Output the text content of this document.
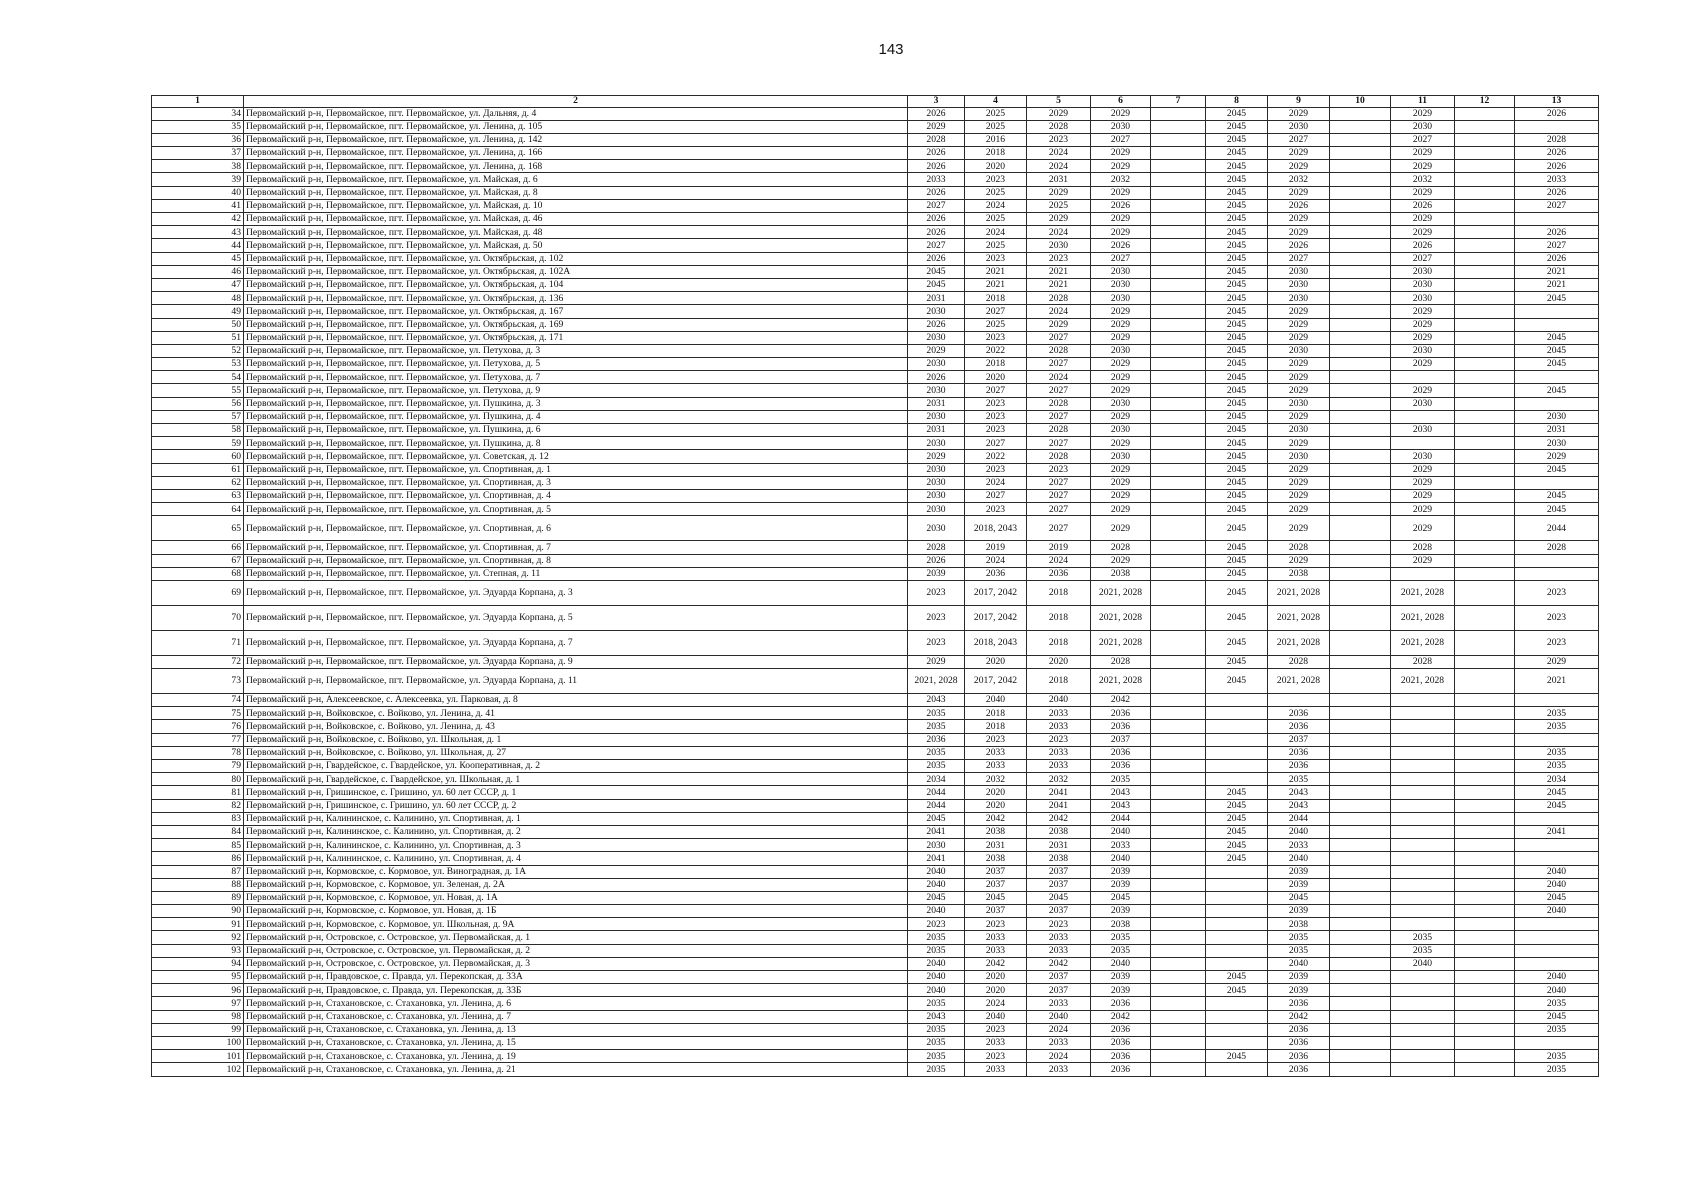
143
1	2	3	4	5	6	7	8	9	10	11	12	13
34	Первомайский р-н, Первомайское, пгт. Первомайское, ул. Дальняя, д. 4	2026	2025	2029	2029		2045	2029		2029		2026
35	Первомайский р-н, Первомайское, пгт. Первомайское, ул. Ленина, д. 105	2029	2025	2028	2030		2045	2030		2030		
36	Первомайский р-н, Первомайское, пгт. Первомайское, ул. Ленина, д. 142	2028	2016	2023	2027		2045	2027		2027		2028
37	Первомайский р-н, Первомайское, пгт. Первомайское, ул. Ленина, д. 166	2026	2018	2024	2029		2045	2029		2029		2026
38	Первомайский р-н, Первомайское, пгт. Первомайское, ул. Ленина, д. 168	2026	2020	2024	2029		2045	2029		2029		2026
39	Первомайский р-н, Первомайское, пгт. Первомайское, ул. Майская, д. 6	2033	2023	2031	2032		2045	2032		2032		2033
40	Первомайский р-н, Первомайское, пгт. Первомайское, ул. Майская, д. 8	2026	2025	2029	2029		2045	2029		2029		2026
41	Первомайский р-н, Первомайское, пгт. Первомайское, ул. Майская, д. 10	2027	2024	2025	2026		2045	2026		2026		2027
42	Первомайский р-н, Первомайское, пгт. Первомайское, ул. Майская, д. 46	2026	2025	2029	2029		2045	2029		2029		
43	Первомайский р-н, Первомайское, пгт. Первомайское, ул. Майская, д. 48	2026	2024	2024	2029		2045	2029		2029		2026
44	Первомайский р-н, Первомайское, пгт. Первомайское, ул. Майская, д. 50	2027	2025	2030	2026		2045	2026		2026		2027
45	Первомайский р-н, Первомайское, пгт. Первомайское, ул. Октябрьская, д. 102	2026	2023	2023	2027		2045	2027		2027		2026
46	Первомайский р-н, Первомайское, пгт. Первомайское, ул. Октябрьская, д. 102А	2045	2021	2021	2030		2045	2030		2030		2021
47	Первомайский р-н, Первомайское, пгт. Первомайское, ул. Октябрьская, д. 104	2045	2021	2021	2030		2045	2030		2030		2021
48	Первомайский р-н, Первомайское, пгт. Первомайское, ул. Октябрьская, д. 136	2031	2018	2028	2030		2045	2030		2030		2045
49	Первомайский р-н, Первомайское, пгт. Первомайское, ул. Октябрьская, д. 167	2030	2027	2024	2029		2045	2029		2029		
50	Первомайский р-н, Первомайское, пгт. Первомайское, ул. Октябрьская, д. 169	2026	2025	2029	2029		2045	2029		2029		
51	Первомайский р-н, Первомайское, пгт. Первомайское, ул. Октябрьская, д. 171	2030	2023	2027	2029		2045	2029		2029		2045
52	Первомайский р-н, Первомайское, пгт. Первомайское, ул. Петухова, д. 3	2029	2022	2028	2030		2045	2030		2030		2045
53	Первомайский р-н, Первомайское, пгт. Первомайское, ул. Петухова, д. 5	2030	2018	2027	2029		2045	2029		2029		2045
54	Первомайский р-н, Первомайское, пгт. Первомайское, ул. Петухова, д. 7	2026	2020	2024	2029		2045	2029				
55	Первомайский р-н, Первомайское, пгт. Первомайское, ул. Петухова, д. 9	2030	2027	2027	2029		2045	2029		2029		2045
56	Первомайский р-н, Первомайское, пгт. Первомайское, ул. Пушкина, д. 3	2031	2023	2028	2030		2045	2030		2030		
57	Первомайский р-н, Первомайское, пгт. Первомайское, ул. Пушкина, д. 4	2030	2023	2027	2029		2045	2029				2030
58	Первомайский р-н, Первомайское, пгт. Первомайское, ул. Пушкина, д. 6	2031	2023	2028	2030		2045	2030		2030		2031
59	Первомайский р-н, Первомайское, пгт. Первомайское, ул. Пушкина, д. 8	2030	2027	2027	2029		2045	2029				2030
60	Первомайский р-н, Первомайское, пгт. Первомайское, ул. Советская, д. 12	2029	2022	2028	2030		2045	2030		2030		2029
61	Первомайский р-н, Первомайское, пгт. Первомайское, ул. Спортивная, д. 1	2030	2023	2023	2029		2045	2029		2029		2045
62	Первомайский р-н, Первомайское, пгт. Первомайское, ул. Спортивная, д. 3	2030	2024	2027	2029		2045	2029		2029		
63	Первомайский р-н, Первомайское, пгт. Первомайское, ул. Спортивная, д. 4	2030	2027	2027	2029		2045	2029		2029		2045
64	Первомайский р-н, Первомайское, пгт. Первомайское, ул. Спортивная, д. 5	2030	2023	2027	2029		2045	2029		2029		2045
65	Первомайский р-н, Первомайское, пгт. Первомайское, ул. Спортивная, д. 6	2030	2018, 2043	2027	2029		2045	2029		2029		2044
66	Первомайский р-н, Первомайское, пгт. Первомайское, ул. Спортивная, д. 7	2028	2019	2019	2028		2045	2028		2028		2028
67	Первомайский р-н, Первомайское, пгт. Первомайское, ул. Спортивная, д. 8	2026	2024	2024	2029		2045	2029		2029		
68	Первомайский р-н, Первомайское, пгт. Первомайское, ул. Степная, д. 11	2039	2036	2036	2038		2045	2038				
69	Первомайский р-н, Первомайское, пгт. Первомайское, ул. Эдуарда Корпана, д. 3	2023	2017, 2042	2018	2021, 2028		2045	2021, 2028		2021, 2028		2023
70	Первомайский р-н, Первомайское, пгт. Первомайское, ул. Эдуарда Корпана, д. 5	2023	2017, 2042	2018	2021, 2028		2045	2021, 2028		2021, 2028		2023
71	Первомайский р-н, Первомайское, пгт. Первомайское, ул. Эдуарда Корпана, д. 7	2023	2018, 2043	2018	2021, 2028		2045	2021, 2028		2021, 2028		2023
72	Первомайский р-н, Первомайское, пгт. Первомайское, ул. Эдуарда Корпана, д. 9	2029	2020	2020	2028		2045	2028		2028		2029
73	Первомайский р-н, Первомайское, пгт. Первомайское, ул. Эдуарда Корпана, д. 11	2021, 2028	2017, 2042	2018	2021, 2028		2045	2021, 2028		2021, 2028		2021
74	Первомайский р-н, Алексеевское, с. Алексеевка, ул. Парковая, д. 8	2043	2040	2040	2042							
75	Первомайский р-н, Войковское, с. Войково, ул. Ленина, д. 41	2035	2018	2033	2036			2036				2035
76	Первомайский р-н, Войковское, с. Войково, ул. Ленина, д. 43	2035	2018	2033	2036			2036				2035
77	Первомайский р-н, Войковское, с. Войково, ул. Школьная, д. 1	2036	2023	2023	2037			2037				
78	Первомайский р-н, Войковское, с. Войково, ул. Школьная, д. 27	2035	2033	2033	2036			2036				2035
79	Первомайский р-н, Гвардейское, с. Гвардейское, ул. Кооперативная, д. 2	2035	2033	2033	2036			2036				2035
80	Первомайский р-н, Гвардейское, с. Гвардейское, ул. Школьная, д. 1	2034	2032	2032	2035			2035				2034
81	Первомайский р-н, Гришинское, с. Гришино, ул. 60 лет СССР, д. 1	2044	2020	2041	2043		2045	2043				2045
82	Первомайский р-н, Гришинское, с. Гришино, ул. 60 лет СССР, д. 2	2044	2020	2041	2043		2045	2043				2045
83	Первомайский р-н, Калининское, с. Калинино, ул. Спортивная, д. 1	2045	2042	2042	2044		2045	2044				
84	Первомайский р-н, Калининское, с. Калинино, ул. Спортивная, д. 2	2041	2038	2038	2040		2045	2040				2041
85	Первомайский р-н, Калининское, с. Калинино, ул. Спортивная, д. 3	2030	2031	2031	2033		2045	2033				
86	Первомайский р-н, Калининское, с. Калинино, ул. Спортивная, д. 4	2041	2038	2038	2040		2045	2040				
87	Первомайский р-н, Кормовское, с. Кормовое, ул. Виноградная, д. 1А	2040	2037	2037	2039			2039				2040
88	Первомайский р-н, Кормовское, с. Кормовое, ул. Зеленая, д. 2А	2040	2037	2037	2039			2039				2040
89	Первомайский р-н, Кормовское, с. Кормовое, ул. Новая, д. 1А	2045	2045	2045	2045			2045				2045
90	Первомайский р-н, Кормовское, с. Кормовое, ул. Новая, д. 1Б	2040	2037	2037	2039			2039				2040
91	Первомайский р-н, Кормовское, с. Кормовое, ул. Школьная, д. 9А	2023	2023	2023	2038			2038				
92	Первомайский р-н, Островское, с. Островское, ул. Первомайская, д. 1	2035	2033	2033	2035			2035		2035		
93	Первомайский р-н, Островское, с. Островское, ул. Первомайская, д. 2	2035	2033	2033	2035			2035		2035		
94	Первомайский р-н, Островское, с. Островское, ул. Первомайская, д. 3	2040	2042	2042	2040			2040		2040		
95	Первомайский р-н, Правдовское, с. Правда, ул. Перекопская, д. 33А	2040	2020	2037	2039		2045	2039				2040
96	Первомайский р-н, Правдовское, с. Правда, ул. Перекопская, д. 33Б	2040	2020	2037	2039		2045	2039				2040
97	Первомайский р-н, Стахановское, с. Стахановка, ул. Ленина, д. 6	2035	2024	2033	2036			2036				2035
98	Первомайский р-н, Стахановское, с. Стахановка, ул. Ленина, д. 7	2043	2040	2040	2042			2042				2045
99	Первомайский р-н, Стахановское, с. Стахановка, ул. Ленина, д. 13	2035	2023	2024	2036			2036				2035
100	Первомайский р-н, Стахановское, с. Стахановка, ул. Ленина, д. 15	2035	2033	2033	2036			2036				
101	Первомайский р-н, Стахановское, с. Стахановка, ул. Ленина, д. 19	2035	2023	2024	2036		2045	2036				2035
102	Первомайский р-н, Стахановское, с. Стахановка, ул. Ленина, д. 21	2035	2033	2033	2036			2036				2035
